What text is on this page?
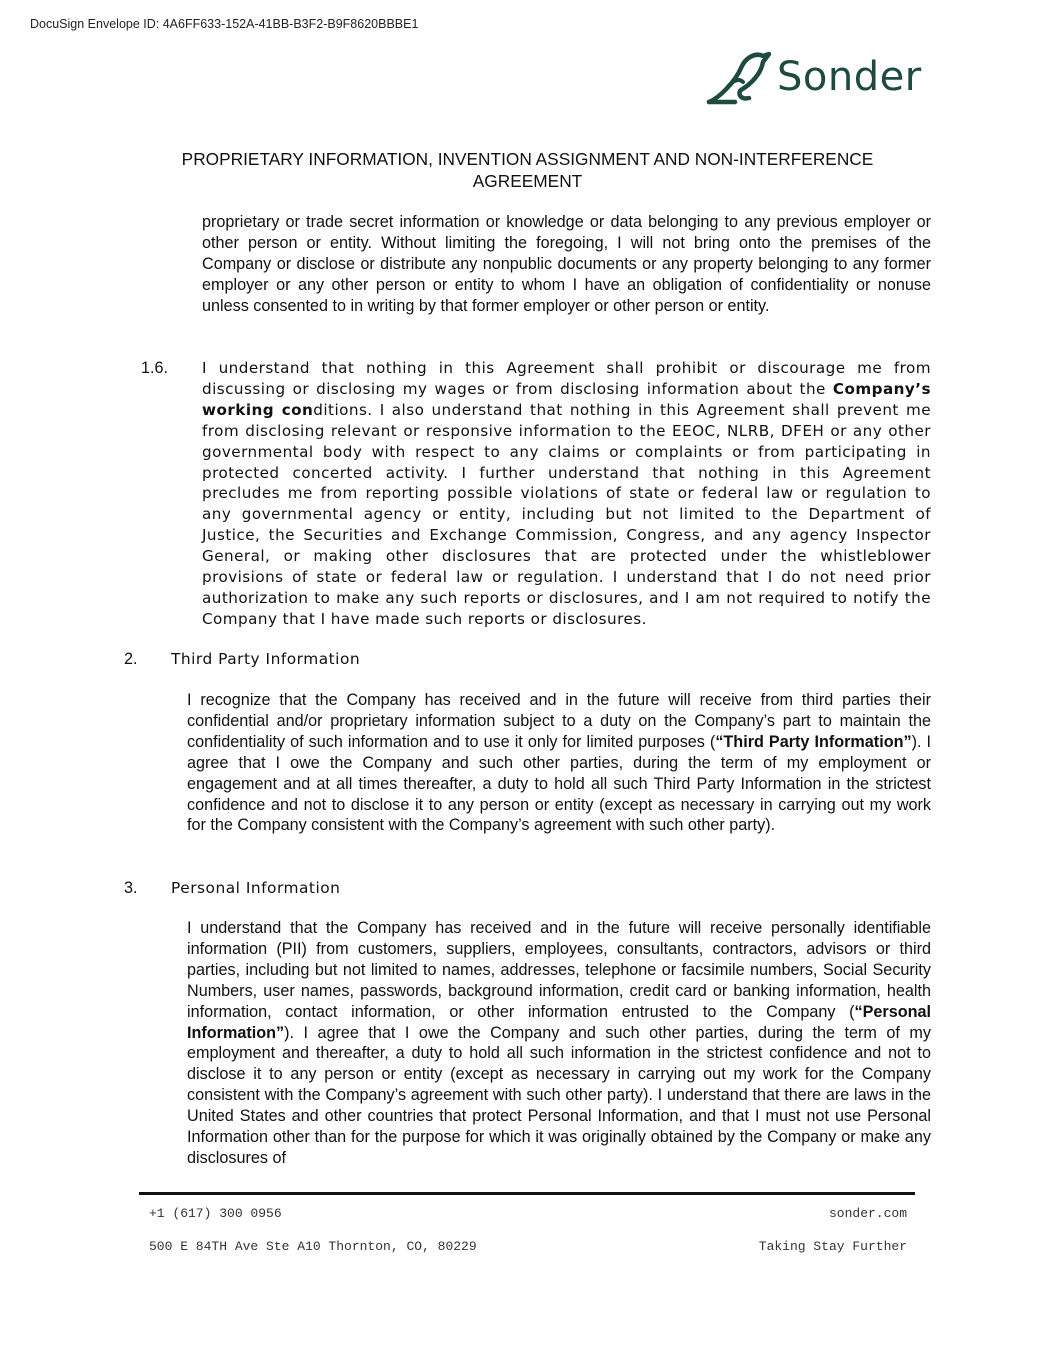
DocuSign Envelope ID: 4A6FF633-152A-41BB-B3F2-B9F8620BBBE1
Sonder
PROPRIETARY INFORMATION, INVENTION ASSIGNMENT AND NON-INTERFERENCE AGREEMENT

proprietary or trade secret information or knowledge or data belonging to any previous employer or other person or entity. Without limiting the foregoing, I will not bring onto the premises of the Company or disclose or distribute any nonpublic documents or any property belonging to any former employer or any other person or entity to whom I have an obligation of confidentiality or nonuse unless consented to in writing by that former employer or other person or entity.

1.6. I understand that nothing in this Agreement shall prohibit or discourage me from discussing or disclosing my wages or from disclosing information about the Company’s working conditions. I also understand that nothing in this Agreement shall prevent me from disclosing relevant or responsive information to the EEOC, NLRB, DFEH or any other governmental body with respect to any claims or complaints or from participating in protected concerted activity. I further understand that nothing in this Agreement precludes me from reporting possible violations of state or federal law or regulation to any governmental agency or entity, including but not limited to the Department of Justice, the Securities and Exchange Commission, Congress, and any agency Inspector General, or making other disclosures that are protected under the whistleblower provisions of state or federal law or regulation. I understand that I do not need prior authorization to make any such reports or disclosures, and I am not required to notify the Company that I have made such reports or disclosures.

2. Third Party Information

I recognize that the Company has received and in the future will receive from third parties their confidential and/or proprietary information subject to a duty on the Company’s part to maintain the confidentiality of such information and to use it only for limited purposes (“Third Party Information”). I agree that I owe the Company and such other parties, during the term of my employment or engagement and at all times thereafter, a duty to hold all such Third Party Information in the strictest confidence and not to disclose it to any person or entity (except as necessary in carrying out my work for the Company consistent with the Company’s agreement with such other party).

3. Personal Information

I understand that the Company has received and in the future will receive personally identifiable information (PII) from customers, suppliers, employees, consultants, contractors, advisors or third parties, including but not limited to names, addresses, telephone or facsimile numbers, Social Security Numbers, user names, passwords, background information, credit card or banking information, health information, contact information, or other information entrusted to the Company (“Personal Information”). I agree that I owe the Company and such other parties, during the term of my employment and thereafter, a duty to hold all such information in the strictest confidence and not to disclose it to any person or entity (except as necessary in carrying out my work for the Company consistent with the Company’s agreement with such other party). I understand that there are laws in the United States and other countries that protect Personal Information, and that I must not use Personal Information other than for the purpose for which it was originally obtained by the Company or make any disclosures of

+1 (617) 300 0956	sonder.com
500 E 84TH Ave Ste A10 Thornton, CO, 80229	Taking Stay Further
